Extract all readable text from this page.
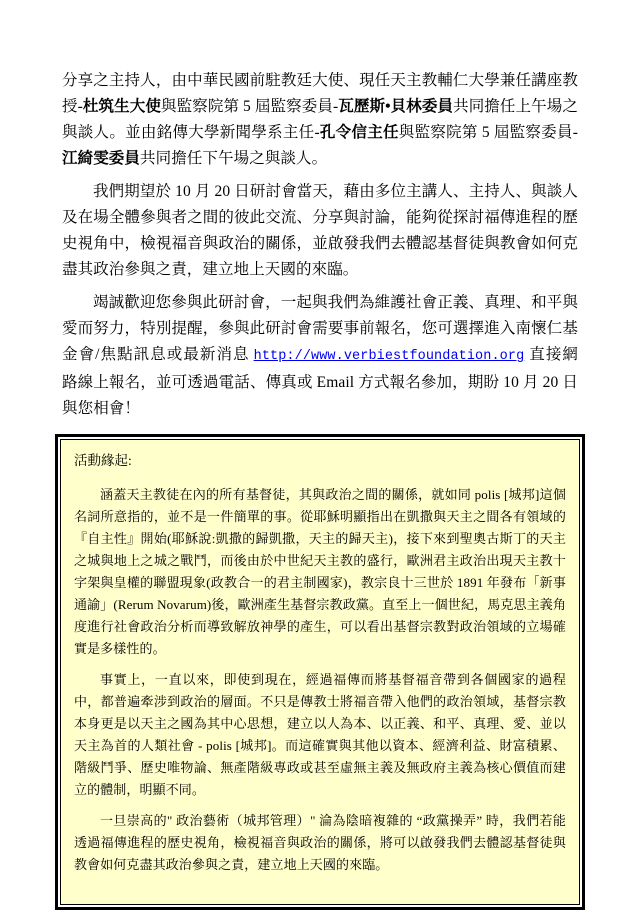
分享之主持人，由中華民國前駐教廷大使、現任天主教輔仁大學兼任講座教授-杜筑生大使與監察院第 5 屆監察委員-瓦歷斯•貝林委員共同擔任上午場之與談人。並由銘傳大學新聞學系主任-孔令信主任與監察院第 5 屆監察委員-江綺雯委員共同擔任下午場之與談人。

我們期望於 10 月 20 日研討會當天，藉由多位主講人、主持人、與談人及在場全體參與者之間的彼此交流、分享與討論，能夠從探討福傳進程的歷史視角中，檢視福音與政治的關係，並啟發我們去體認基督徒與教會如何克盡其政治參與之責，建立地上天國的來臨。

竭誠歡迎您參與此研討會，一起與我們為維護社會正義、真理、和平與愛而努力，特別提醒，參與此研討會需要事前報名，您可選擇進入南懷仁基金會/焦點訊息或最新消息 http://www.verbiestfoundation.org 直接網路線上報名，並可透過電話、傳真或 Email 方式報名參加，期盼 10 月 20 日與您相會！

活動緣起:

涵蓋天主教徒在內的所有基督徒，其與政治之間的關係，就如同 polis [城邦]這個名詞所意指的，並不是一件簡單的事。從耶穌明顯指出在凱撒與天主之間各有領域的『自主性』開始(耶穌說:凱撒的歸凱撒，天主的歸天主)，接下來到聖奧古斯丁的天主之城與地上之城之戰鬥，而後由於中世紀天主教的盛行，歐洲君主政治出現天主教十字架與皇權的聯盟現象(政教合一的君主制國家)，教宗良十三世於 1891 年發布「新事通諭」(Rerum Novarum)後，歐洲產生基督宗教政黨。直至上一個世紀，馬克思主義角度進行社會政治分析而導致解放神學的產生，可以看出基督宗教對政治領域的立場確實是多樣性的。

事實上，一直以來，即使到現在，經過福傳而將基督福音帶到各個國家的過程中，都普遍牽涉到政治的層面。不只是傳教士將福音帶入他們的政治領域，基督宗教本身更是以天主之國為其中心思想，建立以人為本、以正義、和平、真理、愛、並以天主為首的人類社會 - polis [城邦]。而這確實與其他以資本、經濟利益、財富積累、階級鬥爭、歷史唯物論、無產階級專政或甚至虛無主義及無政府主義為核心價值而建立的體制，明顯不同。

一旦崇高的" 政治藝術（城邦管理）" 淪為陰暗複雜的 “政黨操弄” 時，我們若能透過福傳進程的歷史視角，檢視福音與政治的關係，將可以啟發我們去體認基督徒與教會如何克盡其政治參與之責，建立地上天國的來臨。
